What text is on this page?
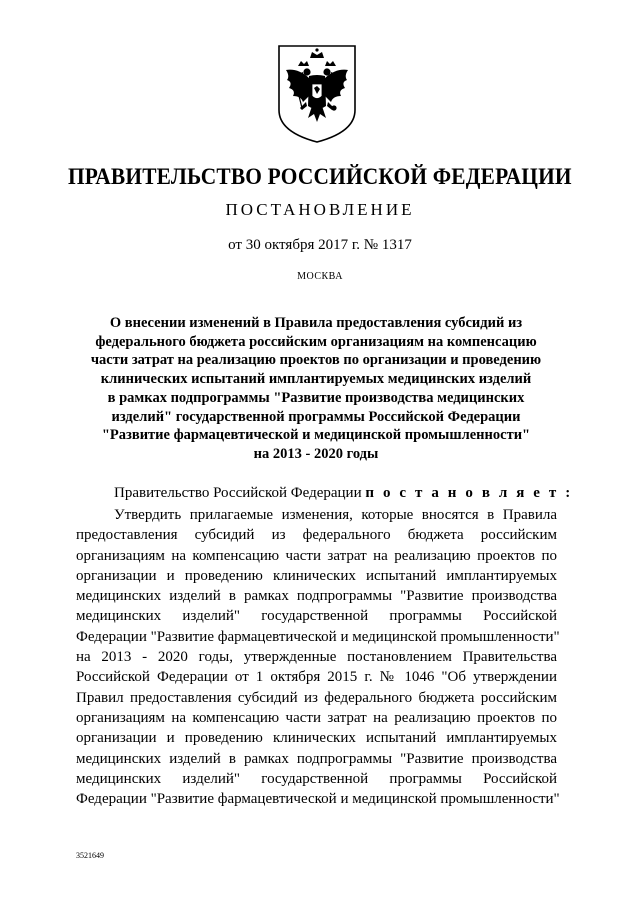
ПРАВИТЕЛЬСТВО РОССИЙСКОЙ ФЕДЕРАЦИИ
ПОСТАНОВЛЕНИЕ
от 30 октября 2017 г. № 1317
МОСКВА
О внесении изменений в Правила предоставления субсидий из
федерального бюджета российским организациям на компенсацию
части затрат на реализацию проектов по организации и проведению
клинических испытаний имплантируемых медицинских изделий
в рамках подпрограммы "Развитие производства медицинских
изделий" государственной программы Российской Федерации
"Развитие фармацевтической и медицинской промышленности"
на 2013 - 2020 годы
Правительство Российской Федерации п о с т а н о в л я е т :
Утвердить прилагаемые изменения, которые вносятся в Правила
предоставления субсидий из федерального бюджета российским
организациям на компенсацию части затрат на реализацию проектов по
организации и проведению клинических испытаний имплантируемых
медицинских изделий в рамках подпрограммы "Развитие производства
медицинских изделий" государственной программы Российской
Федерации "Развитие фармацевтической и медицинской промышленности"
на 2013 - 2020 годы, утвержденные постановлением Правительства
Российской Федерации от 1 октября 2015 г. № 1046 "Об утверждении
Правил предоставления субсидий из федерального бюджета российским
организациям на компенсацию части затрат на реализацию проектов по
организации и проведению клинических испытаний имплантируемых
медицинских изделий в рамках подпрограммы "Развитие производства
медицинских изделий" государственной программы Российской
Федерации "Развитие фармацевтической и медицинской промышленности"
3521649
